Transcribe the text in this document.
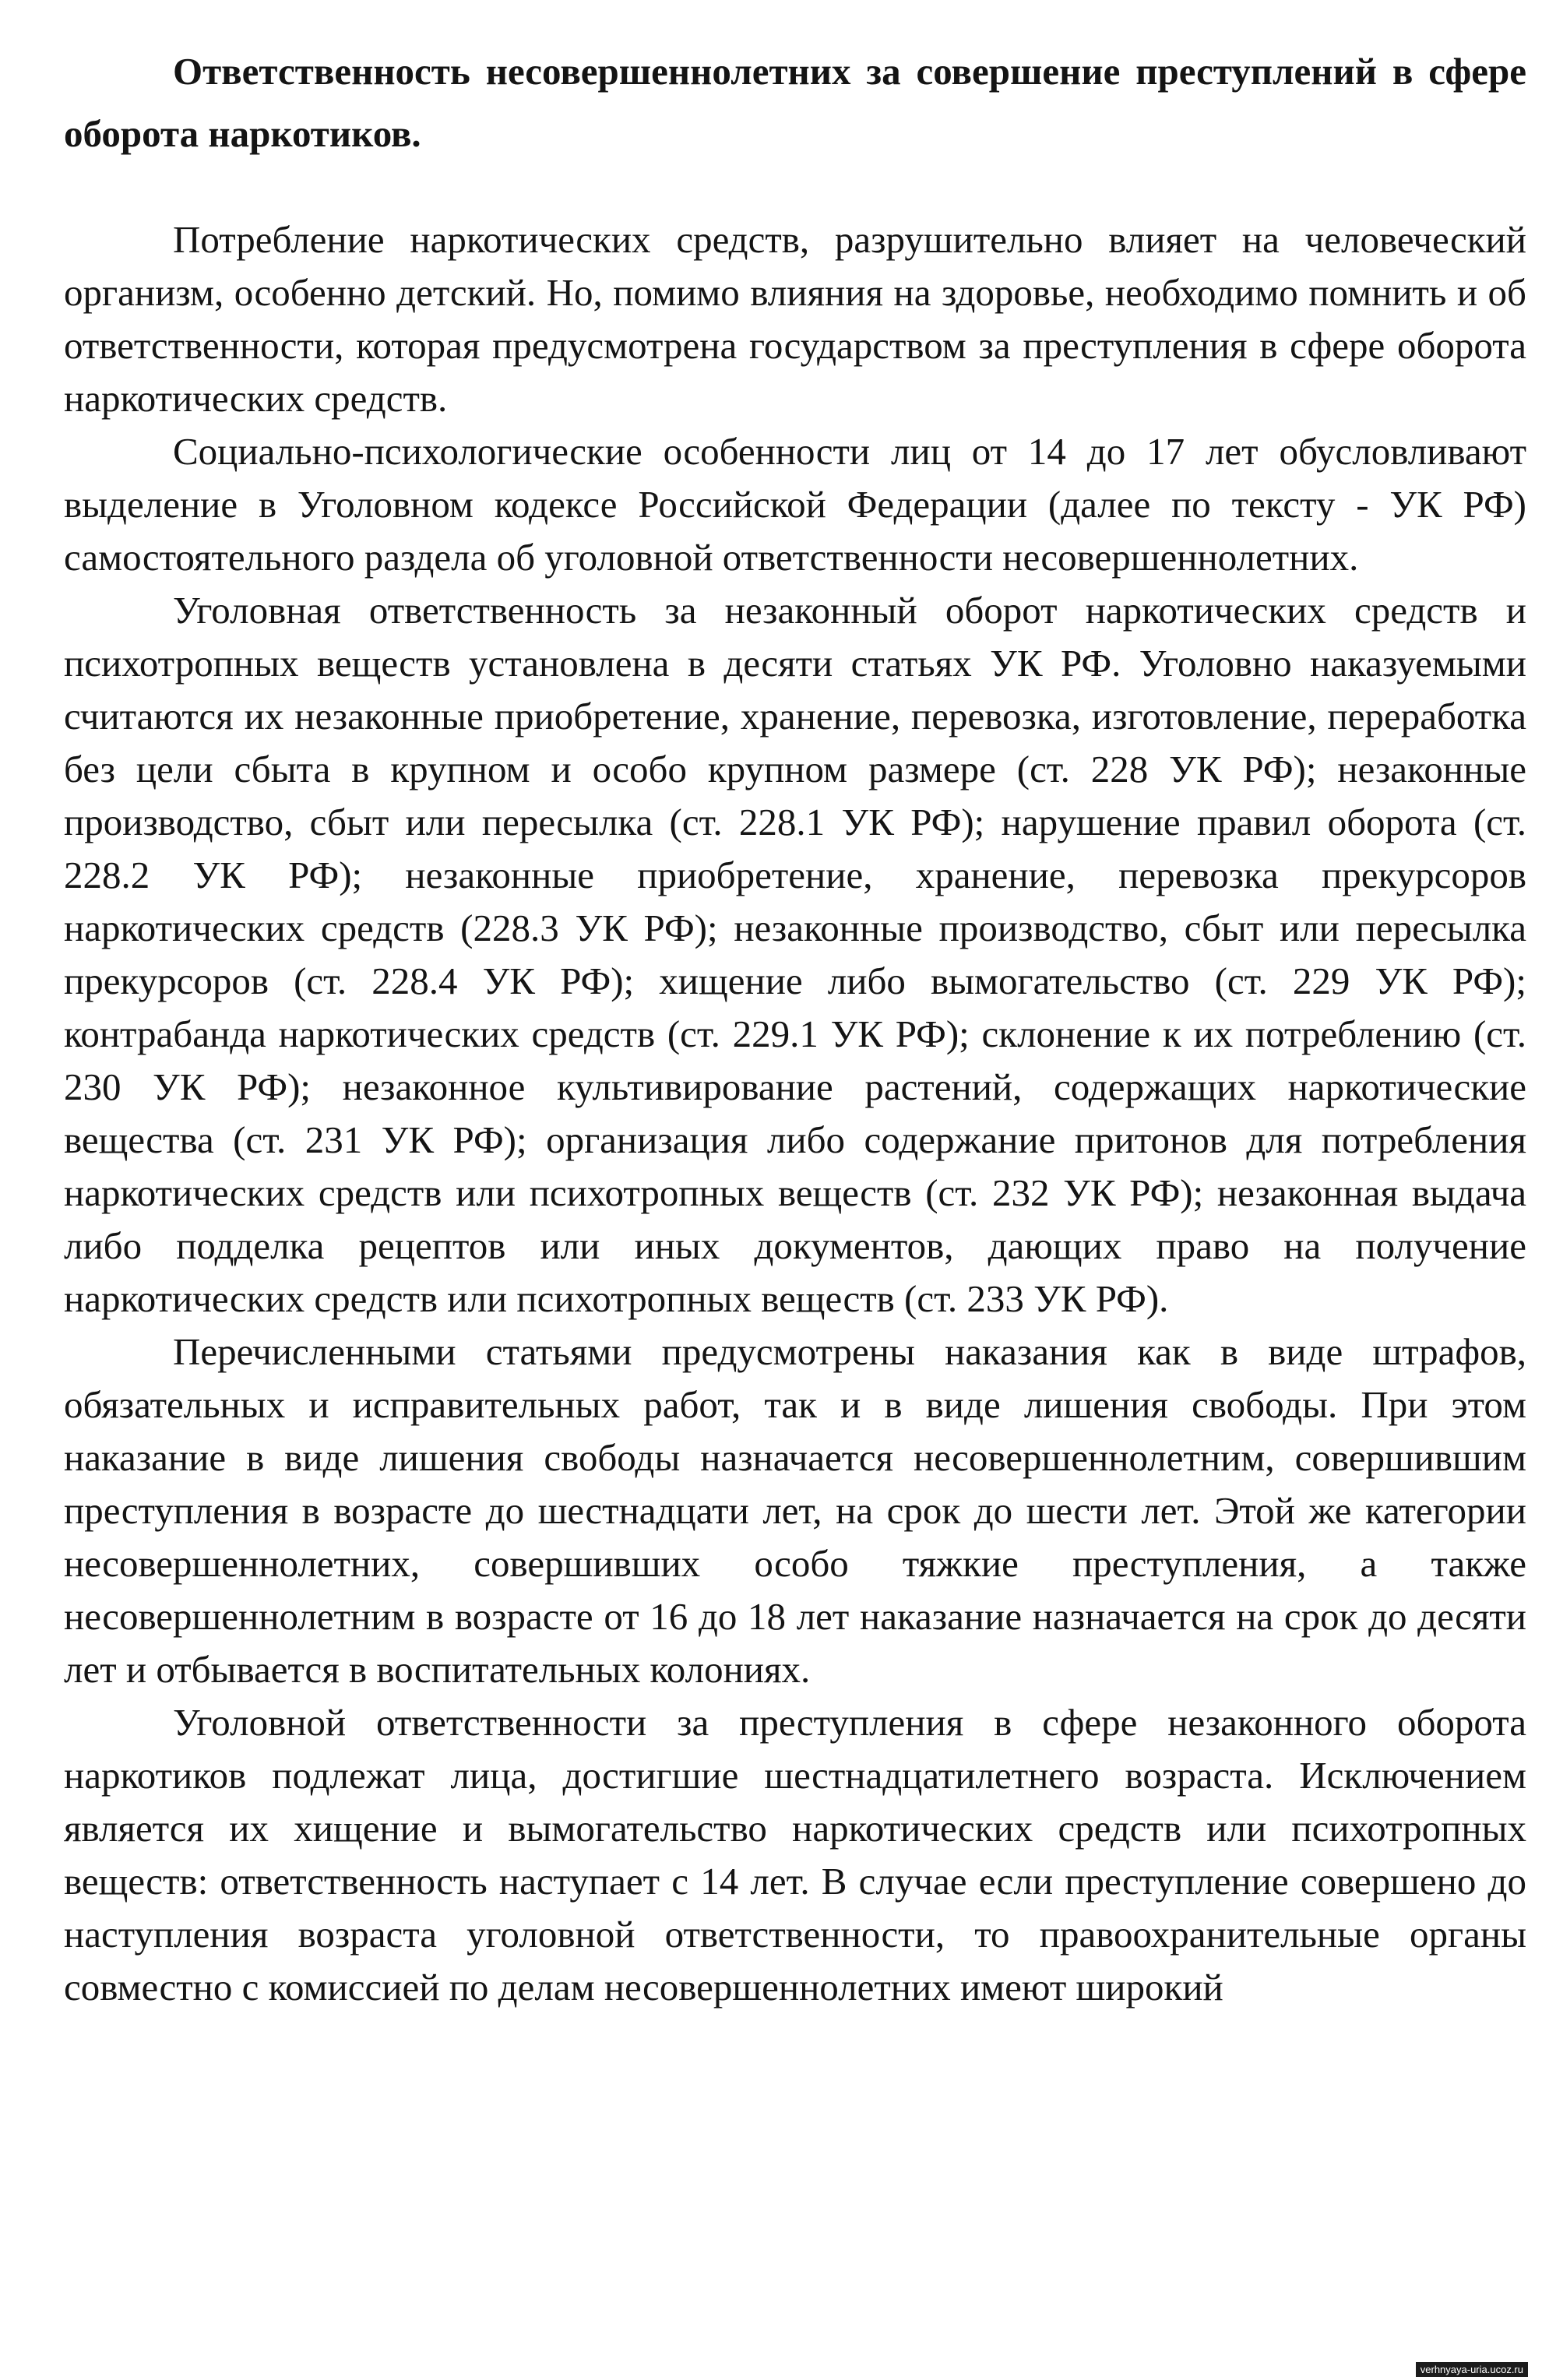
Ответственность несовершеннолетних за совершение преступлений в сфере оборота наркотиков.

Потребление наркотических средств, разрушительно влияет на человеческий организм, особенно детский. Но, помимо влияния на здоровье, необходимо помнить и об ответственности, которая предусмотрена государством за преступления в сфере оборота наркотических средств.

Социально-психологические особенности лиц от 14 до 17 лет обусловливают выделение в Уголовном кодексе Российской Федерации (далее по тексту - УК РФ) самостоятельного раздела об уголовной ответственности несовершеннолетних.

Уголовная ответственность за незаконный оборот наркотических средств и психотропных веществ установлена в десяти статьях УК РФ. Уголовно наказуемыми считаются их незаконные приобретение, хранение, перевозка, изготовление, переработка без цели сбыта в крупном и особо крупном размере (ст. 228 УК РФ); незаконные производство, сбыт или пересылка (ст. 228.1 УК РФ); нарушение правил оборота (ст. 228.2 УК РФ); незаконные приобретение, хранение, перевозка прекурсоров наркотических средств (228.3 УК РФ); незаконные производство, сбыт или пересылка прекурсоров (ст. 228.4 УК РФ); хищение либо вымогательство (ст. 229 УК РФ); контрабанда наркотических средств (ст. 229.1 УК РФ); склонение к их потреблению (ст. 230 УК РФ); незаконное культивирование растений, содержащих наркотические вещества (ст. 231 УК РФ); организация либо содержание притонов для потребления наркотических средств или психотропных веществ (ст. 232 УК РФ); незаконная выдача либо подделка рецептов или иных документов, дающих право на получение наркотических средств или психотропных веществ (ст. 233 УК РФ).

Перечисленными статьями предусмотрены наказания как в виде штрафов, обязательных и исправительных работ, так и в виде лишения свободы. При этом наказание в виде лишения свободы назначается несовершеннолетним, совершившим преступления в возрасте до шестнадцати лет, на срок до шести лет. Этой же категории несовершеннолетних, совершивших особо тяжкие преступления, а также несовершеннолетним в возрасте от 16 до 18 лет наказание назначается на срок до десяти лет и отбывается в воспитательных колониях.

Уголовной ответственности за преступления в сфере незаконного оборота наркотиков подлежат лица, достигшие шестнадцатилетнего возраста. Исключением является их хищение и вымогательство наркотических средств или психотропных веществ: ответственность наступает с 14 лет. В случае если преступление совершено до наступления возраста уголовной ответственности, то правоохранительные органы совместно с комиссией по делам несовершеннолетних имеют широкий

verhnyaya-uria.ucoz.ru
